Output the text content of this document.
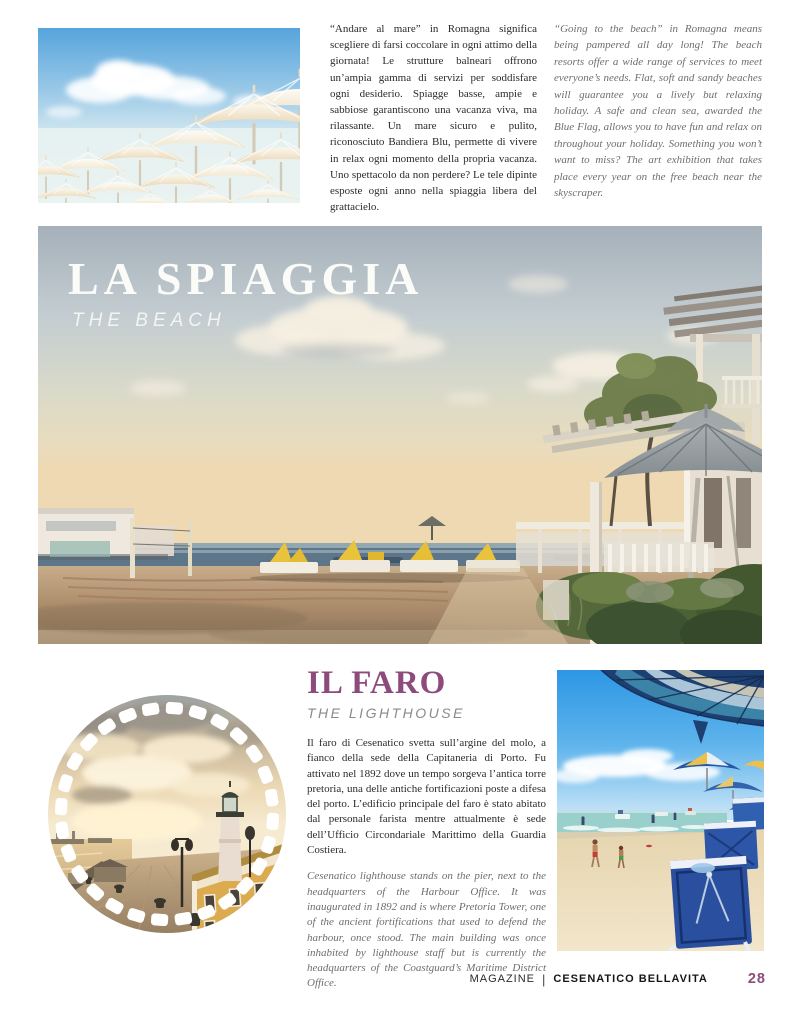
“Andare al mare” in Romagna significa scegliere di farsi coccolare in ogni attimo della giornata! Le strutture balneari offrono un’ampia gamma di servizi per soddisfare ogni desiderio. Spiagge basse, ampie e sabbiose garantiscono una vacanza viva, ma rilassante. Un mare sicuro e pulito, riconosciuto Bandiera Blu, permette di vivere in relax ogni momento della propria vacanza. Uno spettacolo da non perdere? Le tele dipinte esposte ogni anno nella spiaggia libera del grattacielo.
“Going to the beach” in Romagna means being pampered all day long! The beach resorts offer a wide range of services to meet everyone’s needs. Flat, soft and sandy beaches will guarantee you a lively but relaxing holiday. A safe and clean sea, awarded the Blue Flag, allows you to have fun and relax on throughout your holiday. Something you won’t want to miss? The art exhibition that takes place every year on the free beach near the skyscraper.
LA SPIAGGIA
THE BEACH
IL FARO
THE LIGHTHOUSE
Il faro di Cesenatico svetta sull’argine del molo, a fianco della sede della Capitaneria di Porto. Fu attivato nel 1892 dove un tempo sorgeva l’antica torre pretoria, una delle antiche fortificazioni poste a difesa del porto. L’edificio principale del faro è stato abitato dal personale farista mentre attualmente è sede dell’Ufficio Circondariale Marittimo della Guardia Costiera.
Cesenatico lighthouse stands on the pier, next to the headquarters of the Harbour Office. It was inaugurated in 1892 and is where Pretoria Tower, one of the ancient fortifications that used to defend the harbour, once stood. The main building was once inhabited by lighthouse staff but is currently the headquarters of the Coastguard’s Maritime District Office.	MAGAZINE | CESENATICO BELLAVITA	28
